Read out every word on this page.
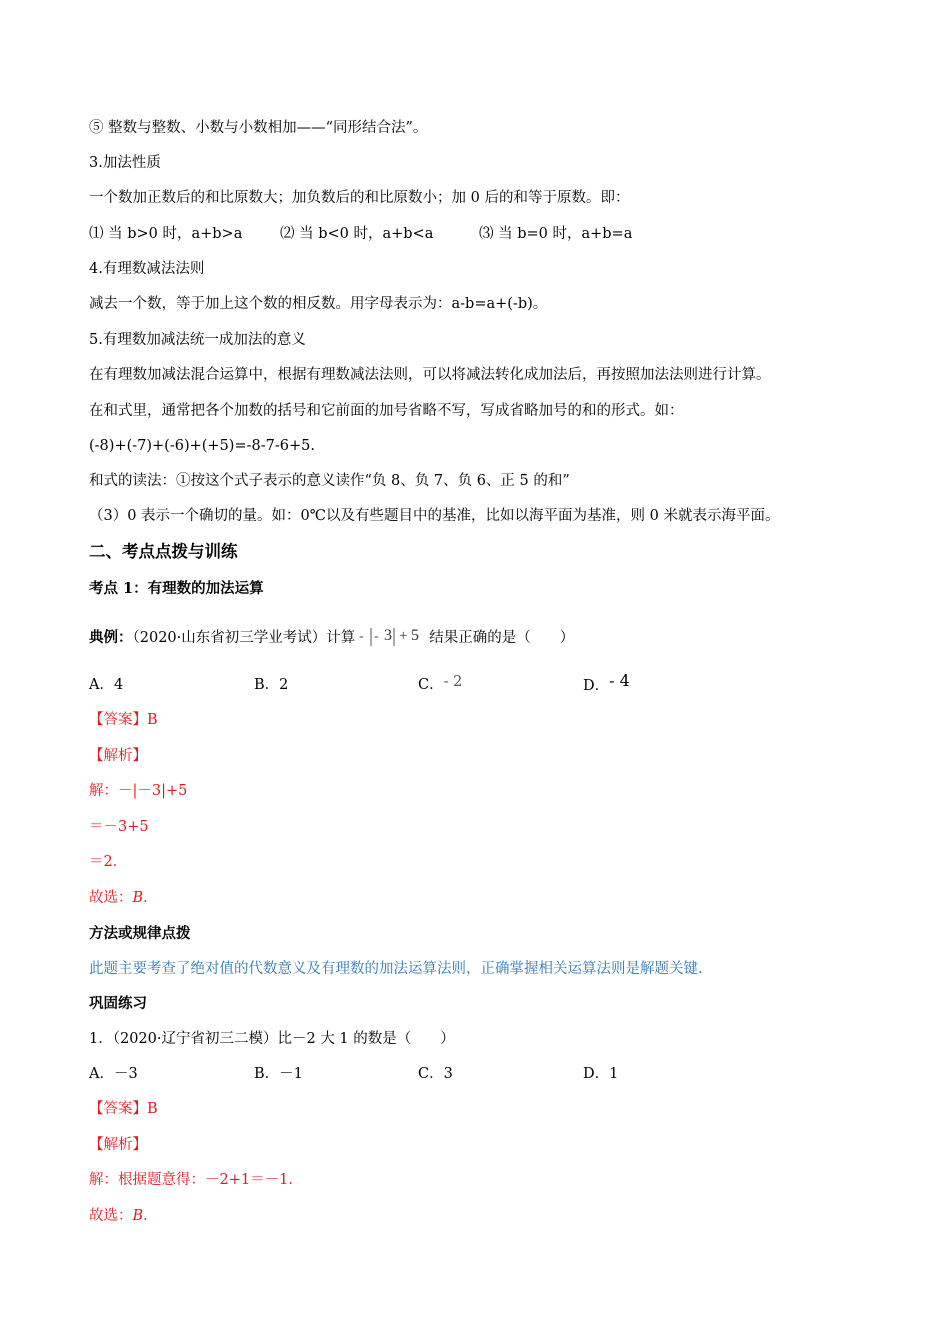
⑤ 整数与整数、小数与小数相加——“同形结合法”。
3.加法性质
一个数加正数后的和比原数大；加负数后的和比原数小；加 0 后的和等于原数。即：
⑴ 当 b>0 时，a+b>a	⑵ 当 b<0 时，a+b<a	⑶ 当 b=0 时，a+b=a
4.有理数减法法则
减去一个数，等于加上这个数的相反数。用字母表示为：a-b=a+(-b)。
5.有理数加减法统一成加法的意义
在有理数加减法混合运算中，根据有理数减法法则，可以将减法转化成加法后，再按照加法法则进行计算。
在和式里，通常把各个加数的括号和它前面的加号省略不写，写成省略加号的和的形式。如：
(-8)+(-7)+(-6)+(+5)=-8-7-6+5.
和式的读法：①按这个式子表示的意义读作“负 8、负 7、负 6、正 5 的和”
（3）0 表示一个确切的量。如：0℃以及有些题目中的基准，比如以海平面为基准，则 0 米就表示海平面。
二、考点点拨与训练
考点 1：有理数的加法运算
典例：（2020·山东省初三学业考试）计算 - - 3 + 5 结果正确的是（　　）
A．4	B．2	C．- 2	D．- 4
【答案】B
【解析】
解：－|－3|+5
＝－3+5
＝2．
故选：B．
方法或规律点拨
此题主要考查了绝对值的代数意义及有理数的加法运算法则，正确掌握相关运算法则是解题关键.
巩固练习
1．（2020·辽宁省初三二模）比－2 大 1 的数是（　　）
A．－3	B．－1	C．3	D．1
【答案】B
【解析】
解：根据题意得：－2+1＝－1．
故选：B．
